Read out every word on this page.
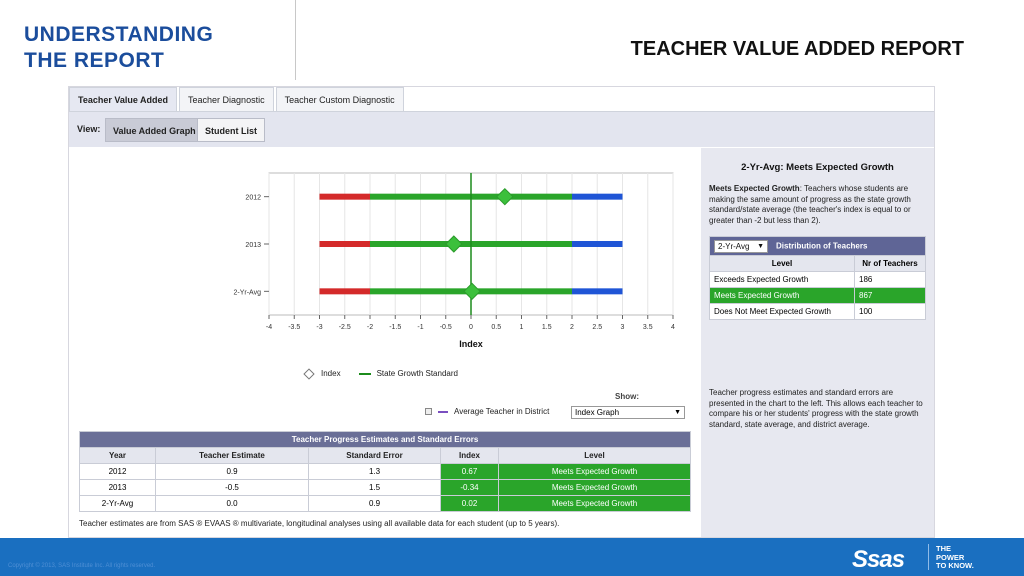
UNDERSTANDING
THE REPORT	TEACHER VALUE ADDED REPORT
Teacher Value Added	Teacher Diagnostic	Teacher Custom Diagnostic
View:	Value Added Graph	Student List
-4 -3.5 -3 -2.5 -2 -1.5 -1 -0.5 0	0.5	1	1.5	2	2.5	3	3.5	4
Index
2012
2013
2-Yr-Avg
Index	State Growth Standard
Show:
Average Teacher in District	Index Graph	▼
Teacher Progress Estimates and Standard Errors				
Year	Teacher Estimate	Standard Error	Index	Level
2012	0.9	1.3	0.67	Meets Expected Growth
2013	-0.5	1.5	-0.34	Meets Expected Growth
2-Yr-Avg	0.0	0.9	0.02	Meets Expected Growth
Teacher estimates are from SAS ® EVAAS ® multivariate, longitudinal analyses using all available data for each student (up to 5 years).
2-Yr-Avg: Meets Expected Growth
Meets Expected Growth: Teachers whose students are making the same amount of progress as the state growth standard/state average (the teacher's index is equal to or greater than -2 but less than 2).
2-Yr-Avg ▼ Distribution of Teachers	
Level	Nr of Teachers
Exceeds Expected Growth	186
Meets Expected Growth	867
Does Not Meet Expected Growth	100
Teacher progress estimates and standard errors are presented in the chart to the left. This allows each teacher to compare his or her students' progress with the state growth standard, state average, and district average.
Copyright © 2013, SAS Institute Inc. All rights reserved.	Ssas	THE
POWER
TO KNOW.
